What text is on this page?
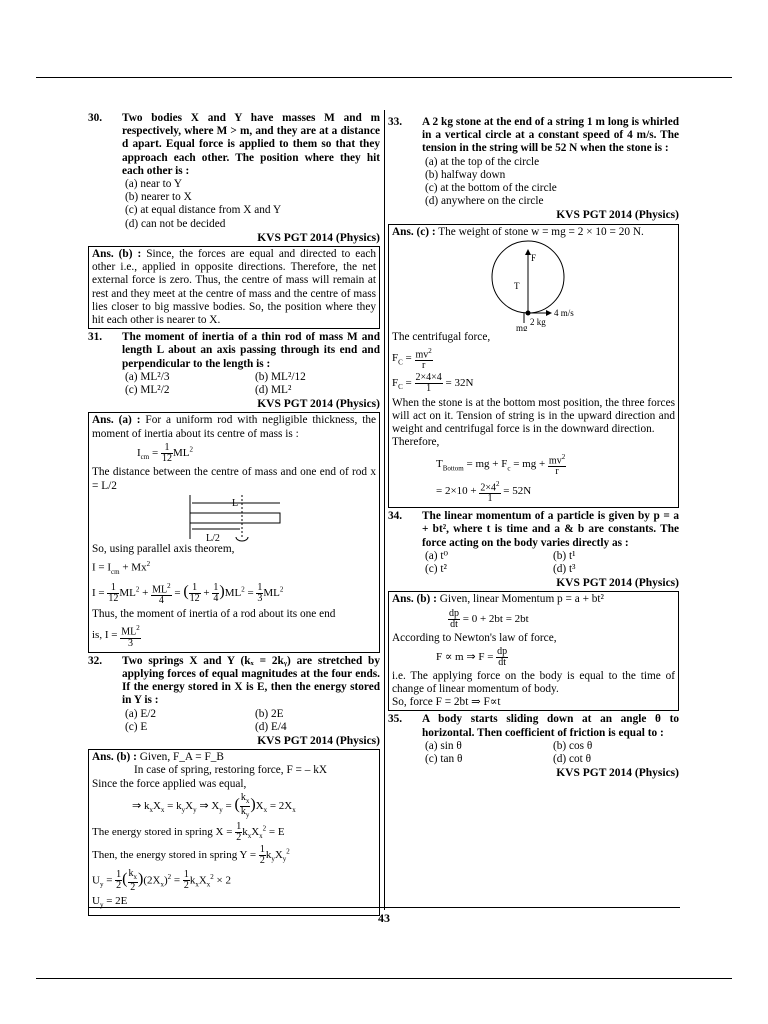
30.	Two bodies X and Y have masses M and m respectively, where M > m, and they are at a distance d apart. Equal force is applied to them so that they approach each other. The position where they hit each other is :
(a) near to Y
(b) nearer to X
(c) at equal distance from X and Y
(d) can not be decided
KVS PGT 2014 (Physics)
Ans. (b) : Since, the forces are equal and directed to each other i.e., applied in opposite directions. Therefore, the net external force is zero. Thus, the centre of mass will remain at rest and they meet at the centre of mass and the centre of mass lies closer to big massive bodies. So, the position where they hit each other is nearer to X.
31.	The moment of inertia of a thin rod of mass M and length L about an axis passing through its end and perpendicular to the length is :
(a) ML²/3	(b) ML²/12
(c) ML²/2	(d) ML²
KVS PGT 2014 (Physics)
Ans. (a) : For a uniform rod with negligible thickness, the moment of inertia about its centre of mass is :
$I_{cm} = \frac{1}{12} ML^2$
The distance between the centre of mass and one end of rod x = L/2
L
L/2
So, using parallel axis theorem,
$I = I_{cm} + Mx^2$
$I = \frac{1}{12} ML^2 + \frac{ML^2}{4}$ = ( $\frac{1}{12} + \frac{1}{4} )ML^2 = \frac{1}{3} ML^2$
Thus, the moment of inertia of a rod about its one end
is, $I = \frac{ML^2}{3}$
32.	Two springs X and Y (kₓ = 2kᵧ) are stretched by applying forces of equal magnitudes at the four ends. If the energy stored in X is E, then the energy stored in Y is :
(a) E/2	(b) 2E
(c) E	(d) E/4
KVS PGT 2014 (Physics)
Ans. (b) : Given, F_A = F_B
In case of spring, restoring force, F = – kX
Since the force applied was equal,
⇒ $k_xX_x = k_yX_y$ ⇒ $X_y$ = ( $\frac{k_x}{k_y} )X_x = 2X_x$
The energy stored in spring $X = \frac{1}{2} k_xX_x^2 = E$
Then, the energy stored in spring $Y = \frac{1}{2} k_yX_y^2$
$U_y = \frac{1}{2}$ ( $\frac{k_x}{2} )(2X_x)^2 = \frac{1}{2} k_xX_x^2 \times 2$
$U_y = 2E$
33.	A 2 kg stone at the end of a string 1 m long is whirled in a vertical circle at a constant speed of 4 m/s. The tension in the string will be 52 N when the stone is :
(a) at the top of the circle
(b) halfway down
(c) at the bottom of the circle
(d) anywhere on the circle
KVS PGT 2014 (Physics)
Ans. (c) : The weight of stone w = mg = 2 × 10 = 20 N.
F
T
4 m/s
2 kg
mg
The centrifugal force,
$F_C = \frac{mv^2}{r}$
$F_C = \frac{2\times 4\times 4}{1} = 32N$
When the stone is at the bottom most position, the three forces will act on it. Tension of string is in the upward direction and weight and centrifugal force is in the downward direction.
Therefore,
$T_{Bottom}$ = mg + $F_c$ = mg + $\frac{mv^2}{r}$
= $2\times 10 + \frac{2\times 4^2}{1} = 52N$
34.	The linear momentum of a particle is given by p = a + bt², where t is time and a & b are constants. The force acting on the body varies directly as :
(a) t⁰	(b) t¹
(c) t²	(d) t³
KVS PGT 2014 (Physics)
Ans. (b) : Given, linear Momentum p = a + bt²
$\frac{dp}{dt} = 0 + 2bt = 2bt$
According to Newton's law of force,
F ∝ m ⇒ $F = \frac{dp}{dt}$
i.e. The applying force on the body is equal to the time of change of linear momentum of body.
So, force F = 2bt ⇒ F∝t
35.	A body starts sliding down at an angle θ to horizontal. Then coefficient of friction is equal to :
(a) sin θ	(b) cos θ
(c) tan θ	(d) cot θ
KVS PGT 2014 (Physics)
43
